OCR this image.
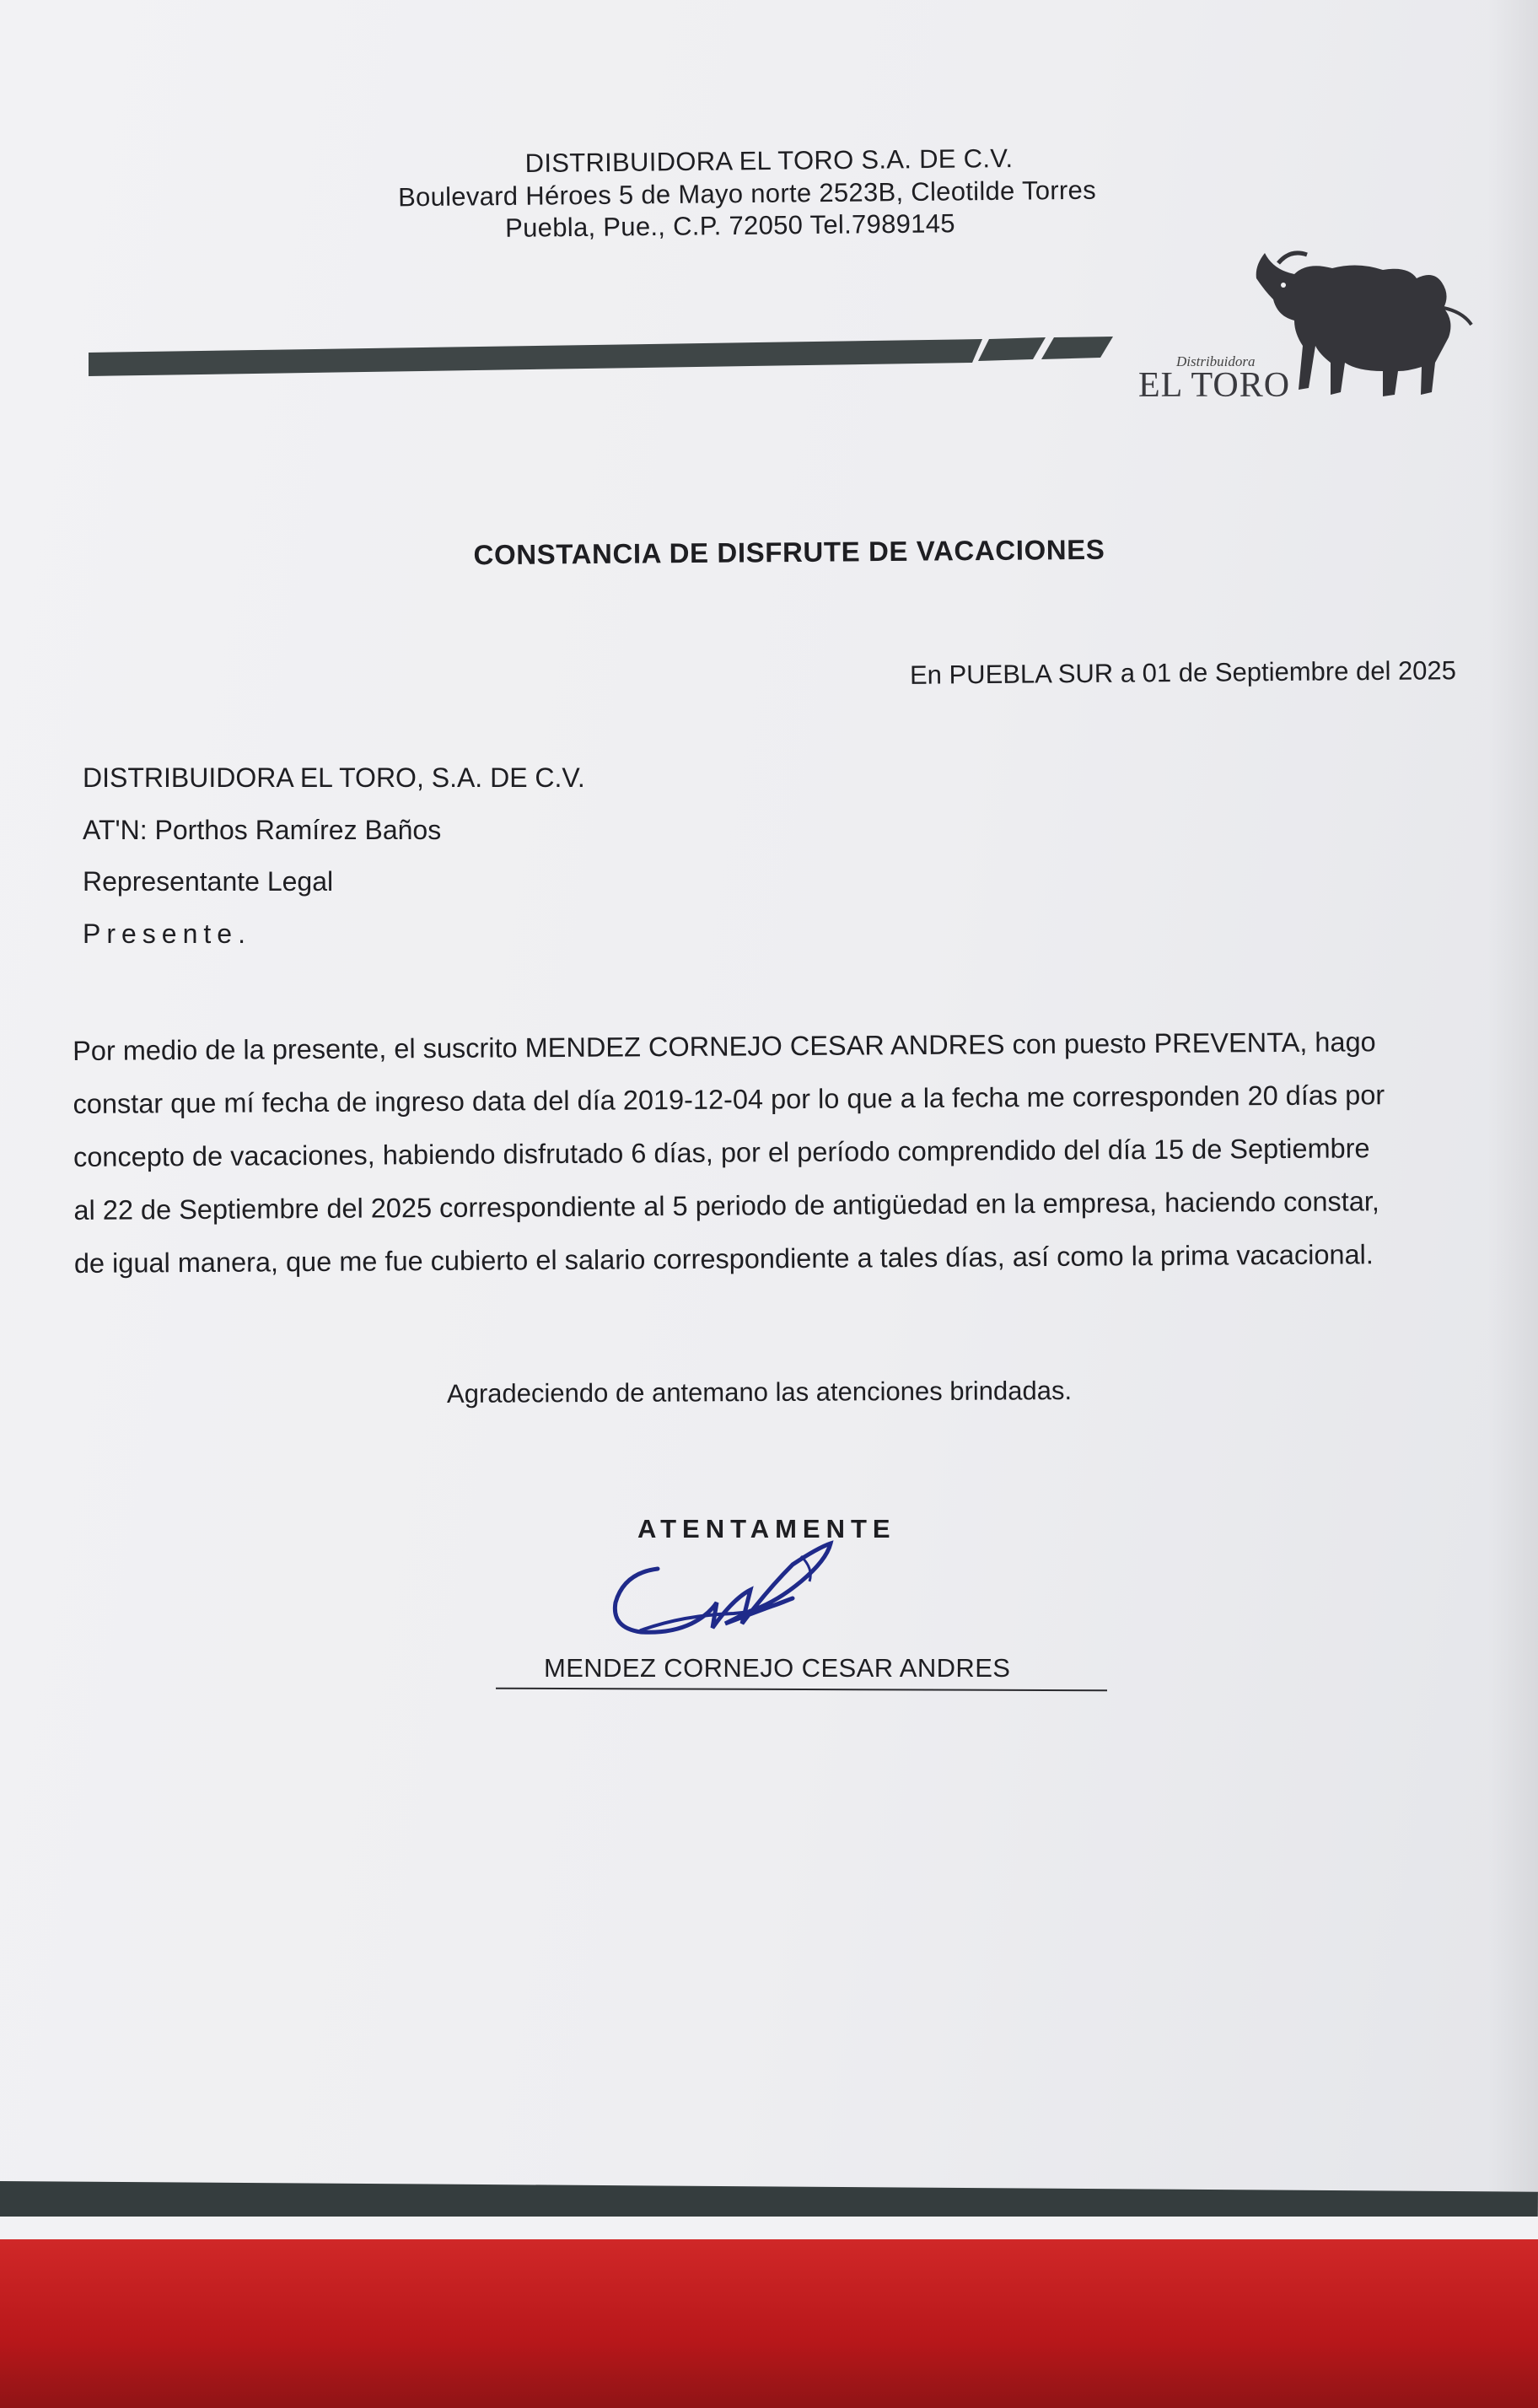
DISTRIBUIDORA EL TORO S.A. DE C.V.
Boulevard Héroes 5 de Mayo norte 2523B, Cleotilde Torres
Puebla, Pue., C.P. 72050 Tel.7989145
Distribuidora
EL TORO
CONSTANCIA DE DISFRUTE DE VACACIONES
En PUEBLA SUR a 01 de Septiembre del 2025
DISTRIBUIDORA EL TORO, S.A. DE C.V.
AT'N: Porthos Ramírez Baños
Representante Legal
Presente.
Por medio de la presente, el suscrito MENDEZ CORNEJO CESAR ANDRES con puesto PREVENTA, hago
constar que mí fecha de ingreso data del día 2019-12-04 por lo que a la fecha me corresponden 20 días por
concepto de vacaciones, habiendo disfrutado 6 días, por el período comprendido del día 15 de Septiembre
al 22 de Septiembre del 2025 correspondiente al 5 periodo de antigüedad en la empresa, haciendo constar,
de igual manera, que me fue cubierto el salario correspondiente a tales días, así como la prima vacacional.
Agradeciendo de antemano las atenciones brindadas.
ATENTAMENTE
MENDEZ CORNEJO CESAR ANDRES
